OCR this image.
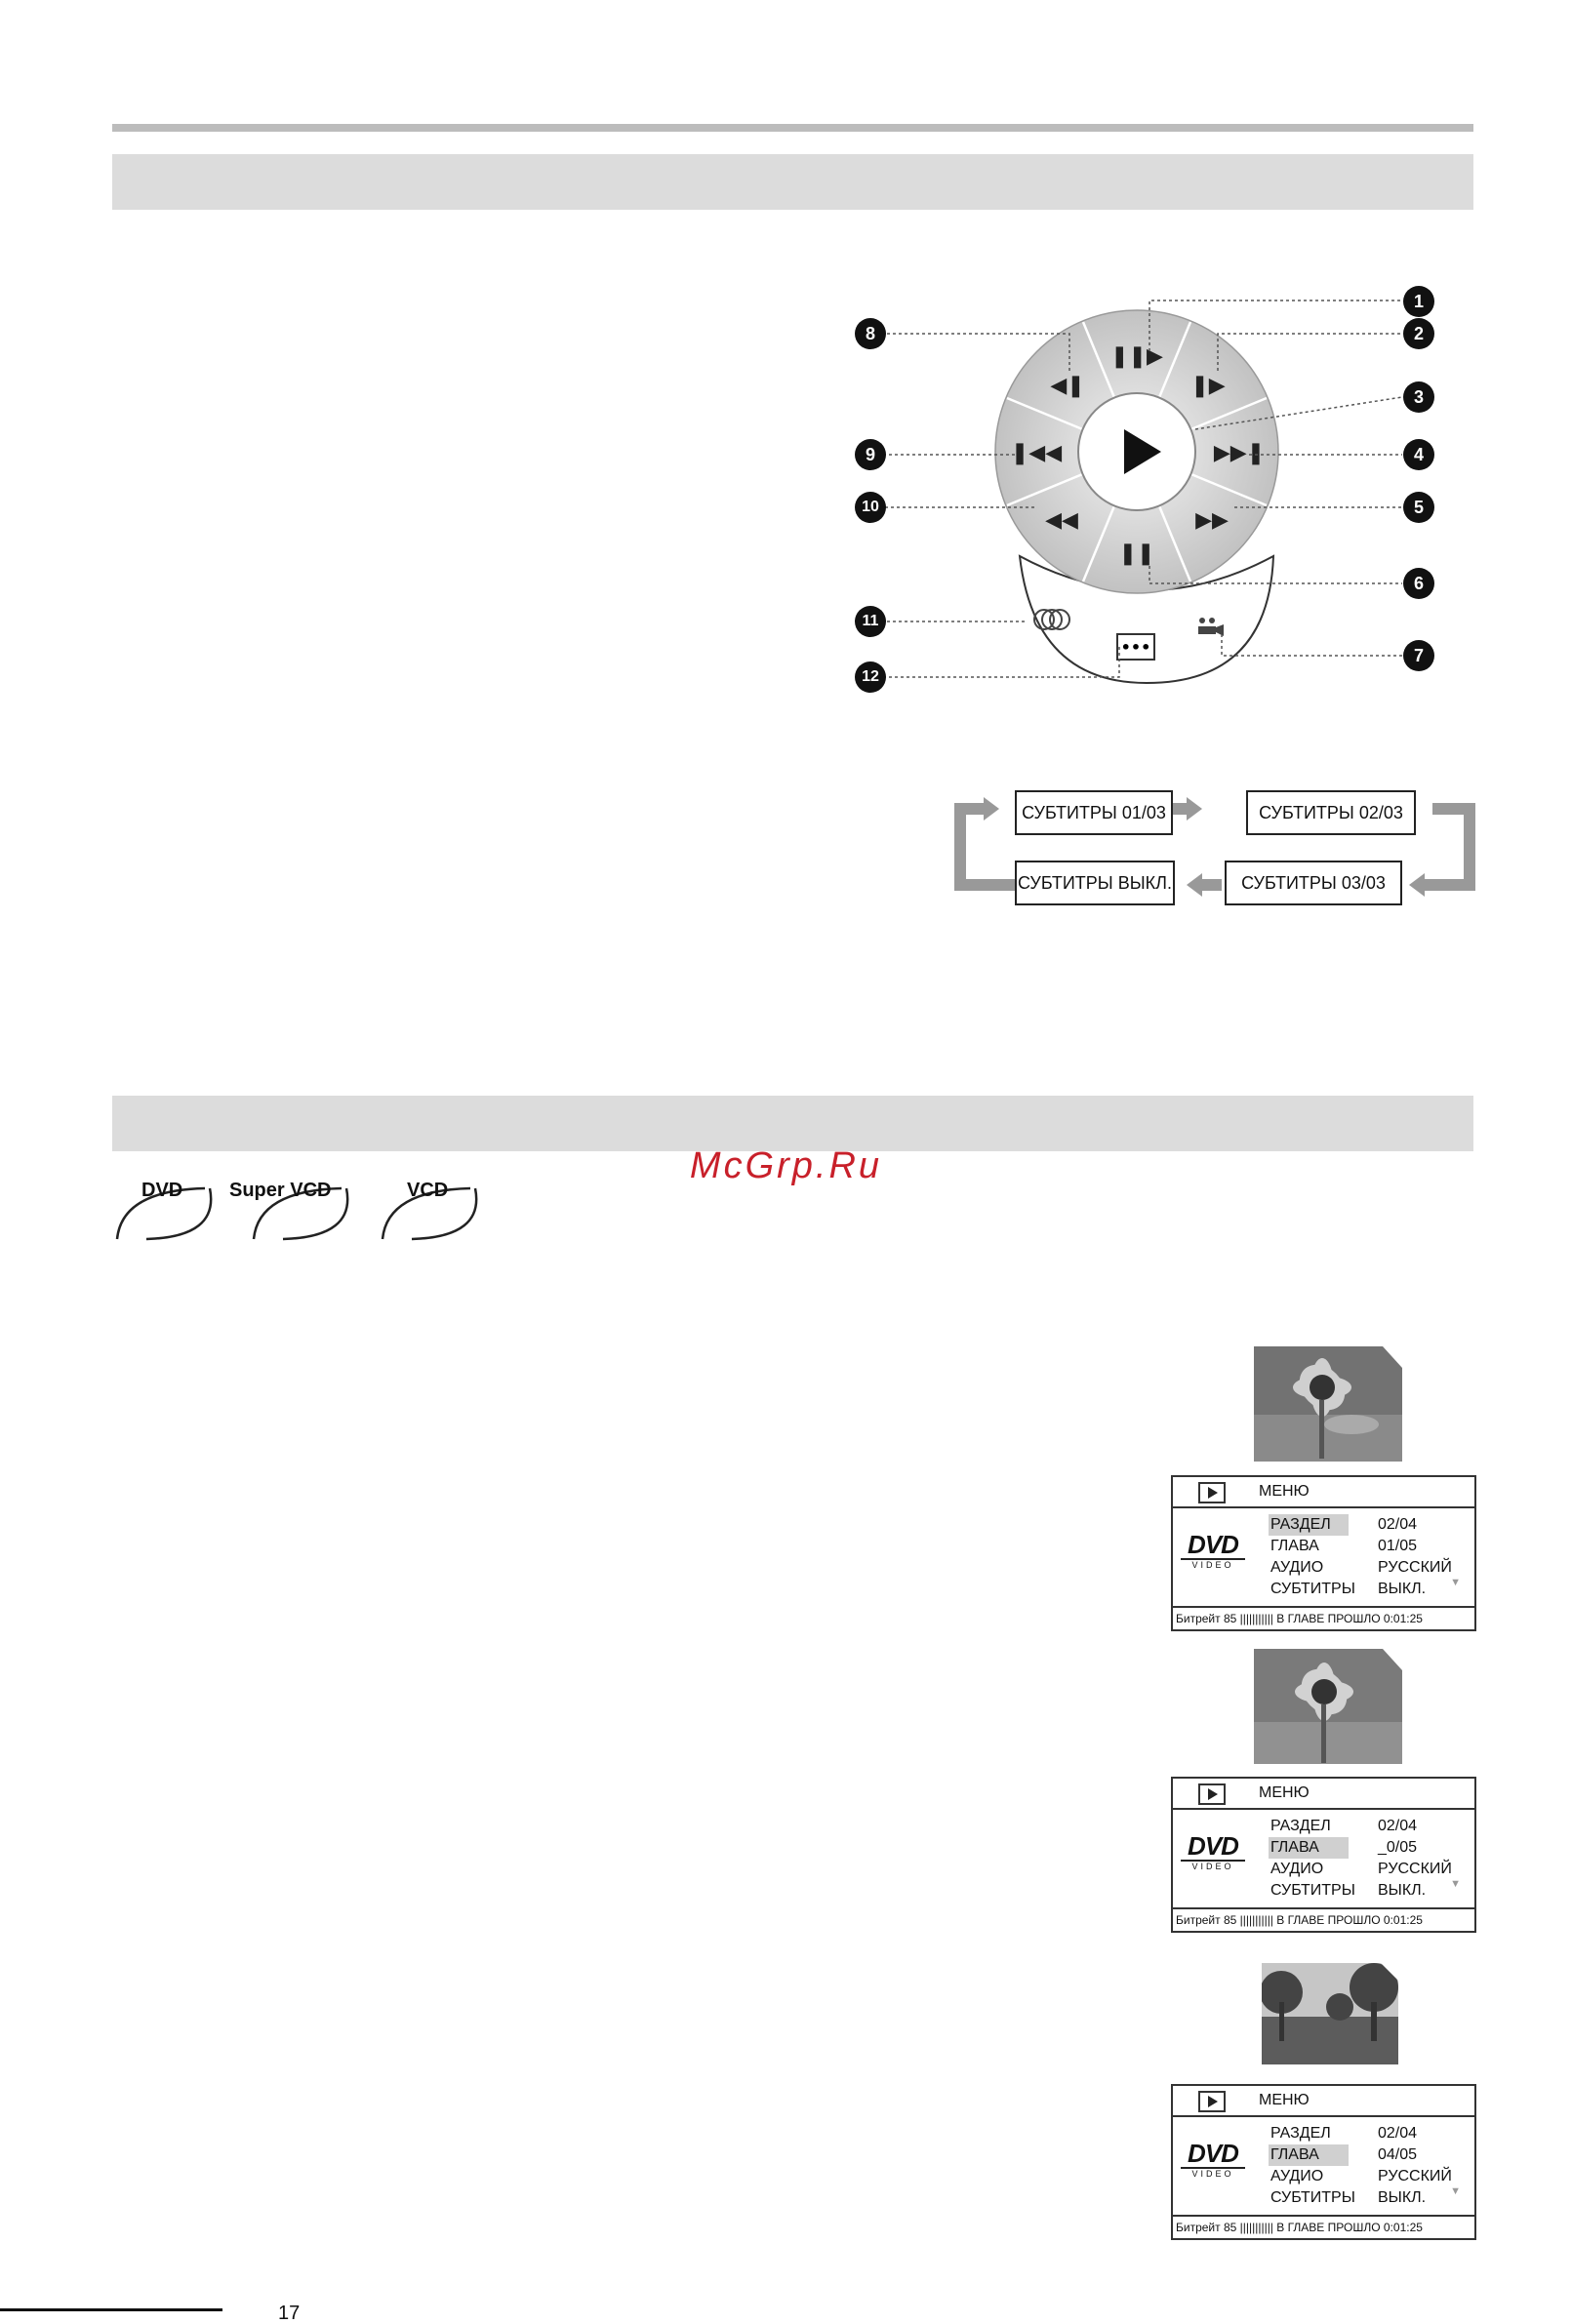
McGrp.Ru
❚❚▶
❚▶
▶▶❚
▶▶
❚❚
◀◀
❚◀◀
◀❚
•••
1
2
3
4
5
6
7
8
9
10
11
12
СУБТИТРЫ 01/03	СУБТИТРЫ 02/03
СУБТИТРЫ 03/03
СУБТИТРЫ ВЫКЛ.
DVD Super VCD	VCD
МЕНЮ
DVD
VIDEO
РАЗДЕЛ	02/04
ГЛАВА	01/05
АУДИО	РУССКИЙ
СУБТИТРЫ ВЫКЛ. ▼
Битрейт 85 ||||||||||| В ГЛАВЕ ПРОШЛО 0:01:25
МЕНЮ
DVD
VIDEO
РАЗДЕЛ	02/04
ГЛАВА	_0/05
АУДИО	РУССКИЙ
СУБТИТРЫ ВЫКЛ. ▼
Битрейт 85 ||||||||||| В ГЛАВЕ ПРОШЛО 0:01:25
МЕНЮ
DVD
VIDEO
РАЗДЕЛ	02/04
ГЛАВА	04/05
АУДИО	РУССКИЙ
СУБТИТРЫ ВЫКЛ. ▼
Битрейт 85 ||||||||||| В ГЛАВЕ ПРОШЛО 0:01:25
17
